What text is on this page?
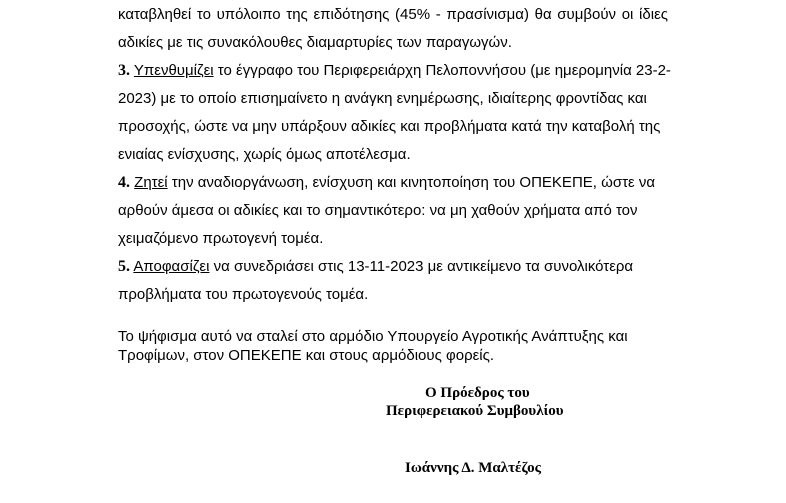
καταβληθεί το υπόλοιπο της επιδότησης (45% - πρασίνισμα) θα συμβούν οι ίδιες
αδικίες με τις συνακόλουθες διαμαρτυρίες των παραγωγών.
3. Υπενθυμίζει το έγγραφο του Περιφερειάρχη Πελοποννήσου (με ημερομηνία 23-2-
2023) με το οποίο επισημαίνετο η ανάγκη ενημέρωσης, ιδιαίτερης φροντίδας και
προσοχής, ώστε να μην υπάρξουν αδικίες και προβλήματα κατά την καταβολή της
ενιαίας ενίσχυσης, χωρίς όμως αποτέλεσμα.
4. Ζητεί την αναδιοργάνωση, ενίσχυση και κινητοποίηση του ΟΠΕΚΕΠΕ, ώστε να
αρθούν άμεσα οι αδικίες και το σημαντικότερο: να μη χαθούν χρήματα από τον
χειμαζόμενο πρωτογενή τομέα.
5. Αποφασίζει να συνεδριάσει στις 13-11-2023 με αντικείμενο τα συνολικότερα
προβλήματα του πρωτογενούς τομέα.
Το ψήφισμα αυτό να σταλεί στο αρμόδιο Υπουργείο Αγροτικής Ανάπτυξης και
Τροφίμων, στον ΟΠΕΚΕΠΕ και στους αρμόδιους φορείς.
Ο Πρόεδρος του
Περιφερειακού Συμβουλίου
Ιωάννης Δ. Μαλτέζος
